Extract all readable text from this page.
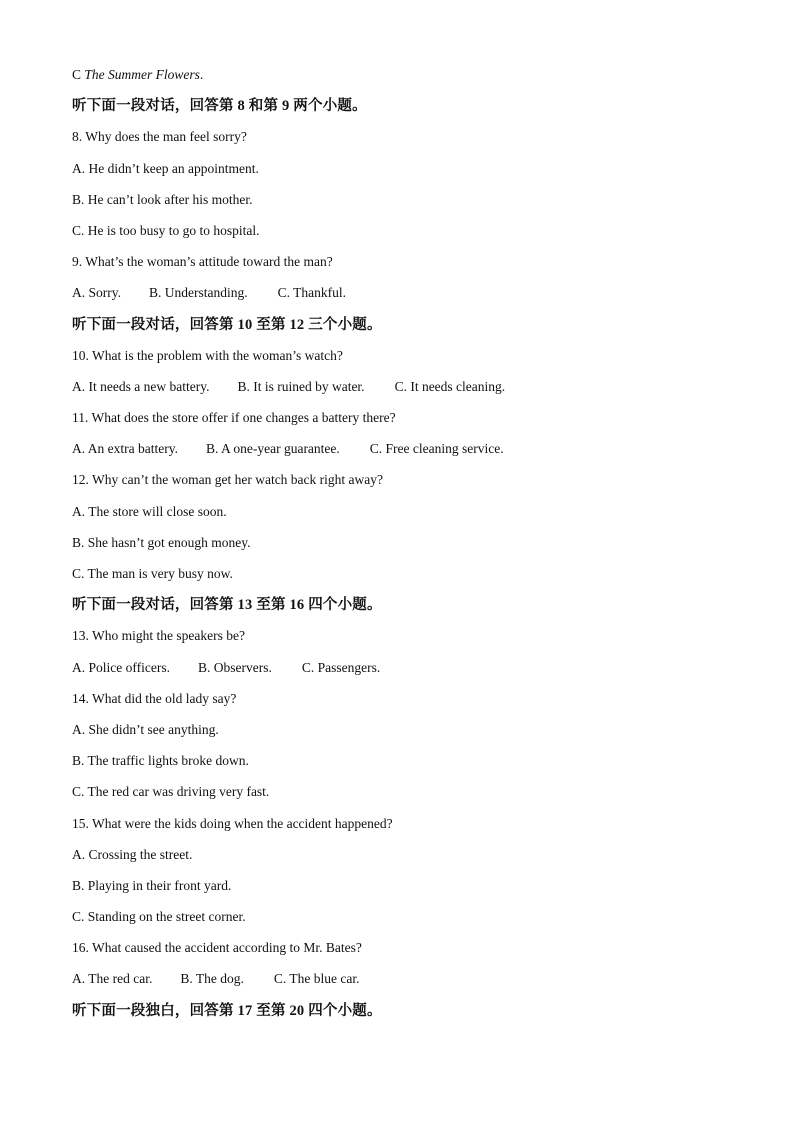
C The Summer Flowers.
听下面一段对话，回答第 8 和第 9 两个小题。
8. Why does the man feel sorry?
A. He didn’t keep an appointment.
B. He can’t look after his mother.
C. He is too busy to go to hospital.
9. What’s the woman’s attitude toward the man?
A. Sorry. B. Understanding. C. Thankful.
听下面一段对话，回答第 10 至第 12 三个小题。
10. What is the problem with the woman’s watch?
A. It needs a new battery. B. It is ruined by water. C. It needs cleaning.
11. What does the store offer if one changes a battery there?
A. An extra battery. B. A one-year guarantee. C. Free cleaning service.
12. Why can’t the woman get her watch back right away?
A. The store will close soon.
B. She hasn’t got enough money.
C. The man is very busy now.
听下面一段对话，回答第 13 至第 16 四个小题。
13. Who might the speakers be?
A. Police officers. B. Observers. C. Passengers.
14. What did the old lady say?
A. She didn’t see anything.
B. The traffic lights broke down.
C. The red car was driving very fast.
15. What were the kids doing when the accident happened?
A. Crossing the street.
B. Playing in their front yard.
C. Standing on the street corner.
16. What caused the accident according to Mr. Bates?
A. The red car. B. The dog. C. The blue car.
听下面一段独白，回答第 17 至第 20 四个小题。
